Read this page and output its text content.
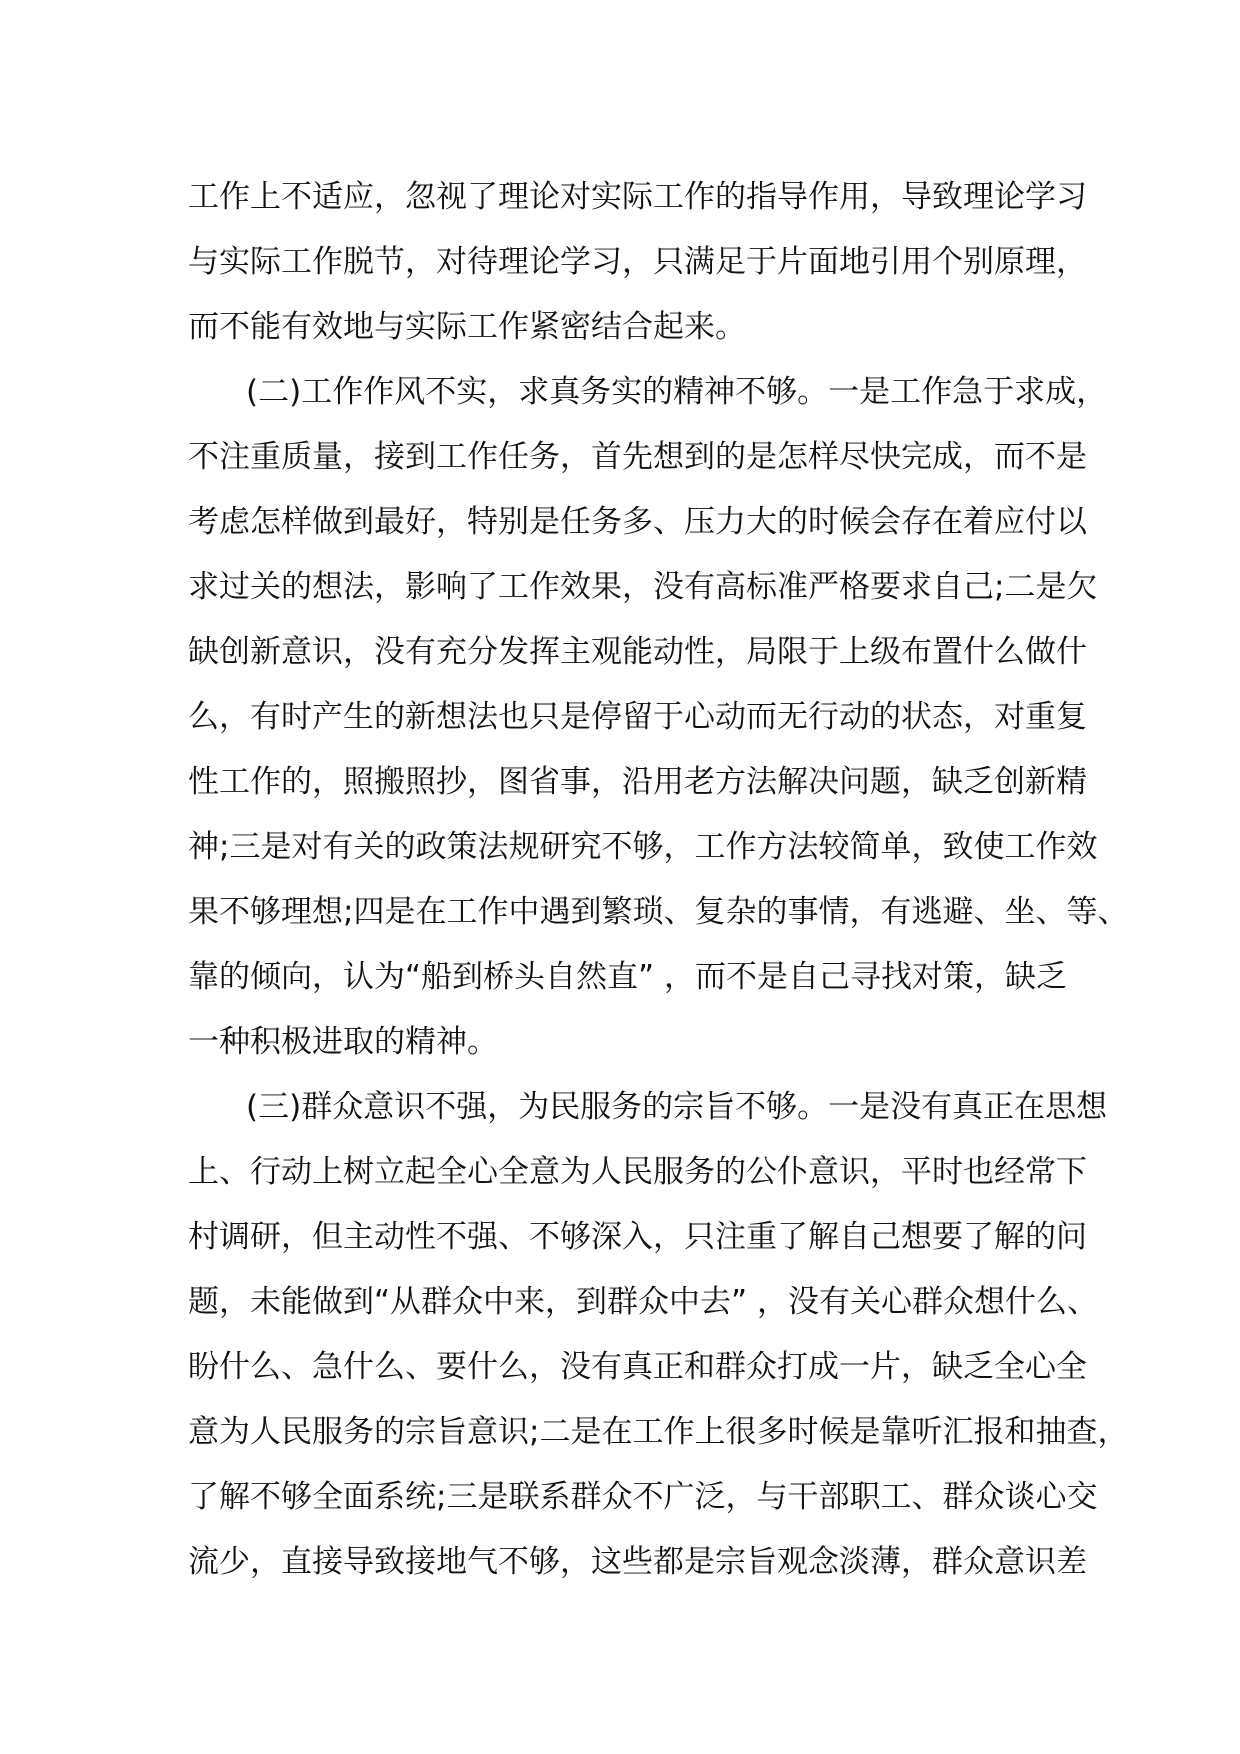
工作上不适应，忽视了理论对实际工作的指导作用，导致理论学习
与实际工作脱节，对待理论学习，只满足于片面地引用个别原理，
而不能有效地与实际工作紧密结合起来。
(二)工作作风不实，求真务实的精神不够。一是工作急于求成，
不注重质量，接到工作任务，首先想到的是怎样尽快完成，而不是
考虑怎样做到最好，特别是任务多、压力大的时候会存在着应付以
求过关的想法，影响了工作效果，没有高标准严格要求自己;二是欠
缺创新意识，没有充分发挥主观能动性，局限于上级布置什么做什
么，有时产生的新想法也只是停留于心动而无行动的状态，对重复
性工作的，照搬照抄，图省事，沿用老方法解决问题，缺乏创新精
神;三是对有关的政策法规研究不够，工作方法较简单，致使工作效
果不够理想;四是在工作中遇到繁琐、复杂的事情，有逃避、坐、等、
靠的倾向，认为“船到桥头自然直” ，而不是自己寻找对策，缺乏
一种积极进取的精神。
(三)群众意识不强，为民服务的宗旨不够。一是没有真正在思想
上、行动上树立起全心全意为人民服务的公仆意识，平时也经常下
村调研，但主动性不强、不够深入，只注重了解自己想要了解的问
题，未能做到“从群众中来，到群众中去” ，没有关心群众想什么、
盼什么、急什么、要什么，没有真正和群众打成一片，缺乏全心全
意为人民服务的宗旨意识;二是在工作上很多时候是靠听汇报和抽查，
了解不够全面系统;三是联系群众不广泛，与干部职工、群众谈心交
流少，直接导致接地气不够，这些都是宗旨观念淡薄，群众意识差
